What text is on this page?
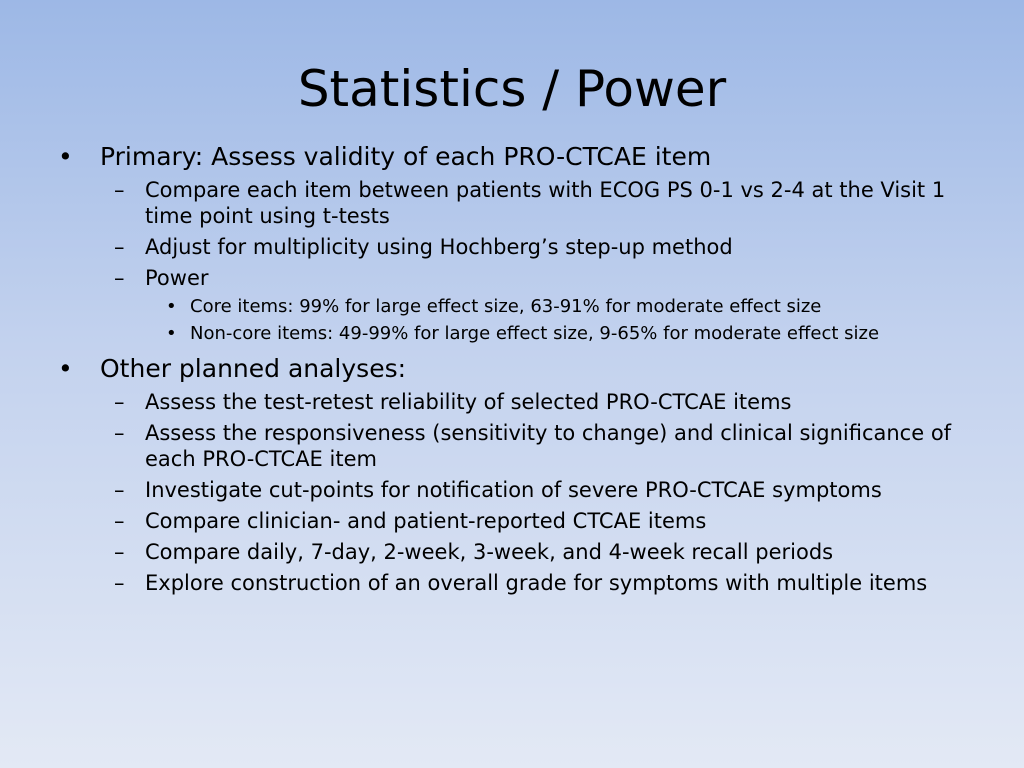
Statistics / Power
• Primary: Assess validity of each PRO-CTCAE item
– Compare each item between patients with ECOG PS 0-1 vs 2-4 at the Visit 1 time point using t-tests
– Adjust for multiplicity using Hochberg’s step-up method
– Power
• Core items: 99% for large effect size, 63-91% for moderate effect size
• Non-core items: 49-99% for large effect size, 9-65% for moderate effect size
• Other planned analyses:
– Assess the test-retest reliability of selected PRO-CTCAE items
– Assess the responsiveness (sensitivity to change) and clinical significance of each PRO-CTCAE item
– Investigate cut-points for notification of severe PRO-CTCAE symptoms
– Compare clinician- and patient-reported CTCAE items
– Compare daily, 7-day, 2-week, 3-week, and 4-week recall periods
– Explore construction of an overall grade for symptoms with multiple items
